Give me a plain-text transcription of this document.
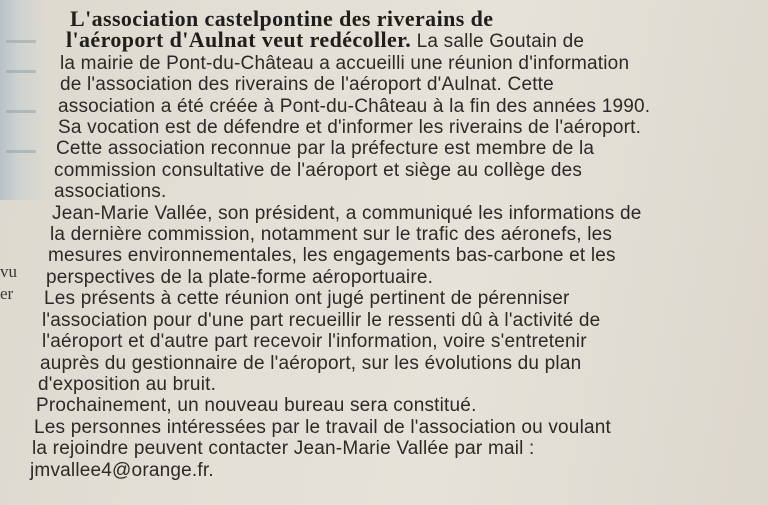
vu
er
L'association castelpontine des riverains de
l'aéroport d'Aulnat veut redécoller. La salle Goutain de
la mairie de Pont-du-Château a accueilli une réunion d'information
de l'association des riverains de l'aéroport d'Aulnat. Cette
association a été créée à Pont-du-Château à la fin des années 1990.
Sa vocation est de défendre et d'informer les riverains de l'aéroport.
Cette association reconnue par la préfecture est membre de la
commission consultative de l'aéroport et siège au collège des
associations.
Jean-Marie Vallée, son président, a communiqué les informations de
la dernière commission, notamment sur le trafic des aéronefs, les
mesures environnementales, les engagements bas-carbone et les
perspectives de la plate-forme aéroportuaire.
Les présents à cette réunion ont jugé pertinent de pérenniser
l'association pour d'une part recueillir le ressenti dû à l'activité de
l'aéroport et d'autre part recevoir l'information, voire s'entretenir
auprès du gestionnaire de l'aéroport, sur les évolutions du plan
d'exposition au bruit.
Prochainement, un nouveau bureau sera constitué.
Les personnes intéressées par le travail de l'association ou voulant
la rejoindre peuvent contacter Jean-Marie Vallée par mail :
jmvallee4@orange.fr.
